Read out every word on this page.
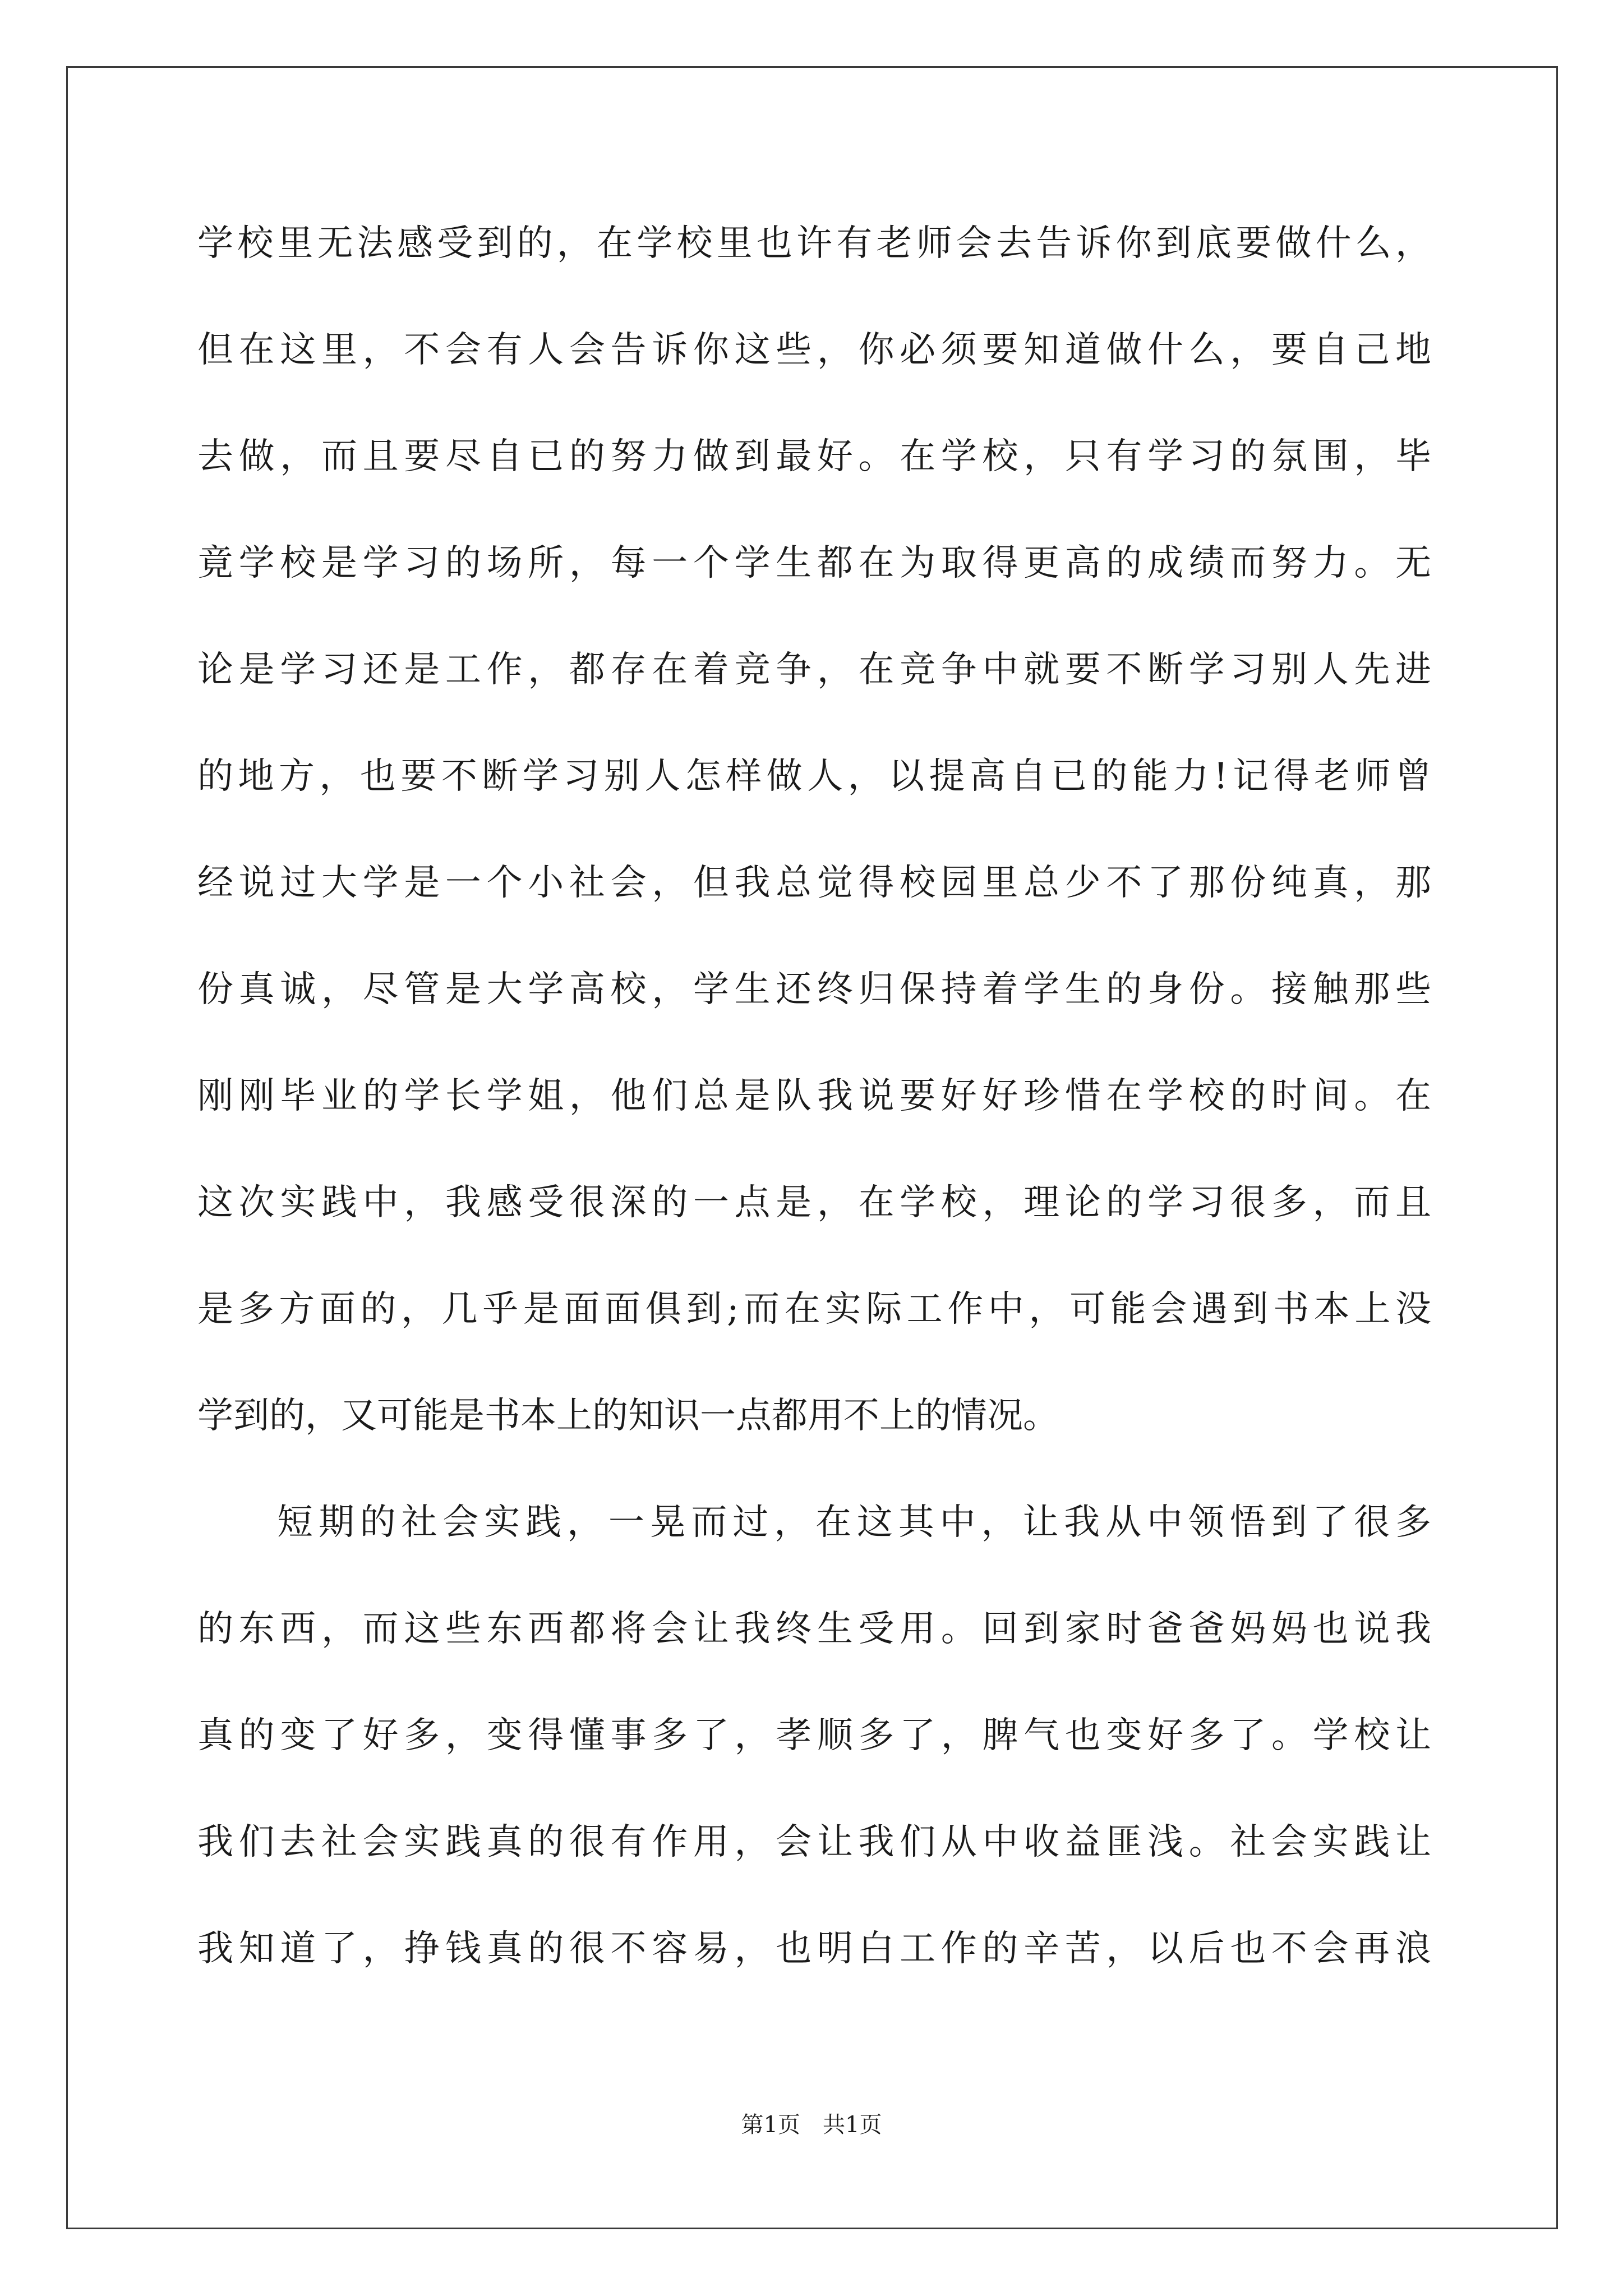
学校里无法感受到的，在学校里也许有老师会去告诉你到底要做什么，
但在这里，不会有人会告诉你这些，你必须要知道做什么，要自己地
去做，而且要尽自已的努力做到最好。在学校，只有学习的氛围，毕
竟学校是学习的场所，每一个学生都在为取得更高的成绩而努力。无
论是学习还是工作，都存在着竞争，在竞争中就要不断学习别人先进
的地方，也要不断学习别人怎样做人，以提高自已的能力!记得老师曾
经说过大学是一个小社会，但我总觉得校园里总少不了那份纯真，那
份真诚，尽管是大学高校，学生还终归保持着学生的身份。接触那些
刚刚毕业的学长学姐，他们总是队我说要好好珍惜在学校的时间。在
这次实践中，我感受很深的一点是，在学校，理论的学习很多，而且
是多方面的，几乎是面面俱到;而在实际工作中，可能会遇到书本上没
学到的，又可能是书本上的知识一点都用不上的情况。
短期的社会实践，一晃而过，在这其中，让我从中领悟到了很多
的东西，而这些东西都将会让我终生受用。回到家时爸爸妈妈也说我
真的变了好多，变得懂事多了，孝顺多了，脾气也变好多了。学校让
我们去社会实践真的很有作用，会让我们从中收益匪浅。社会实践让
我知道了，挣钱真的很不容易，也明白工作的辛苦，以后也不会再浪
第1页　共1页
